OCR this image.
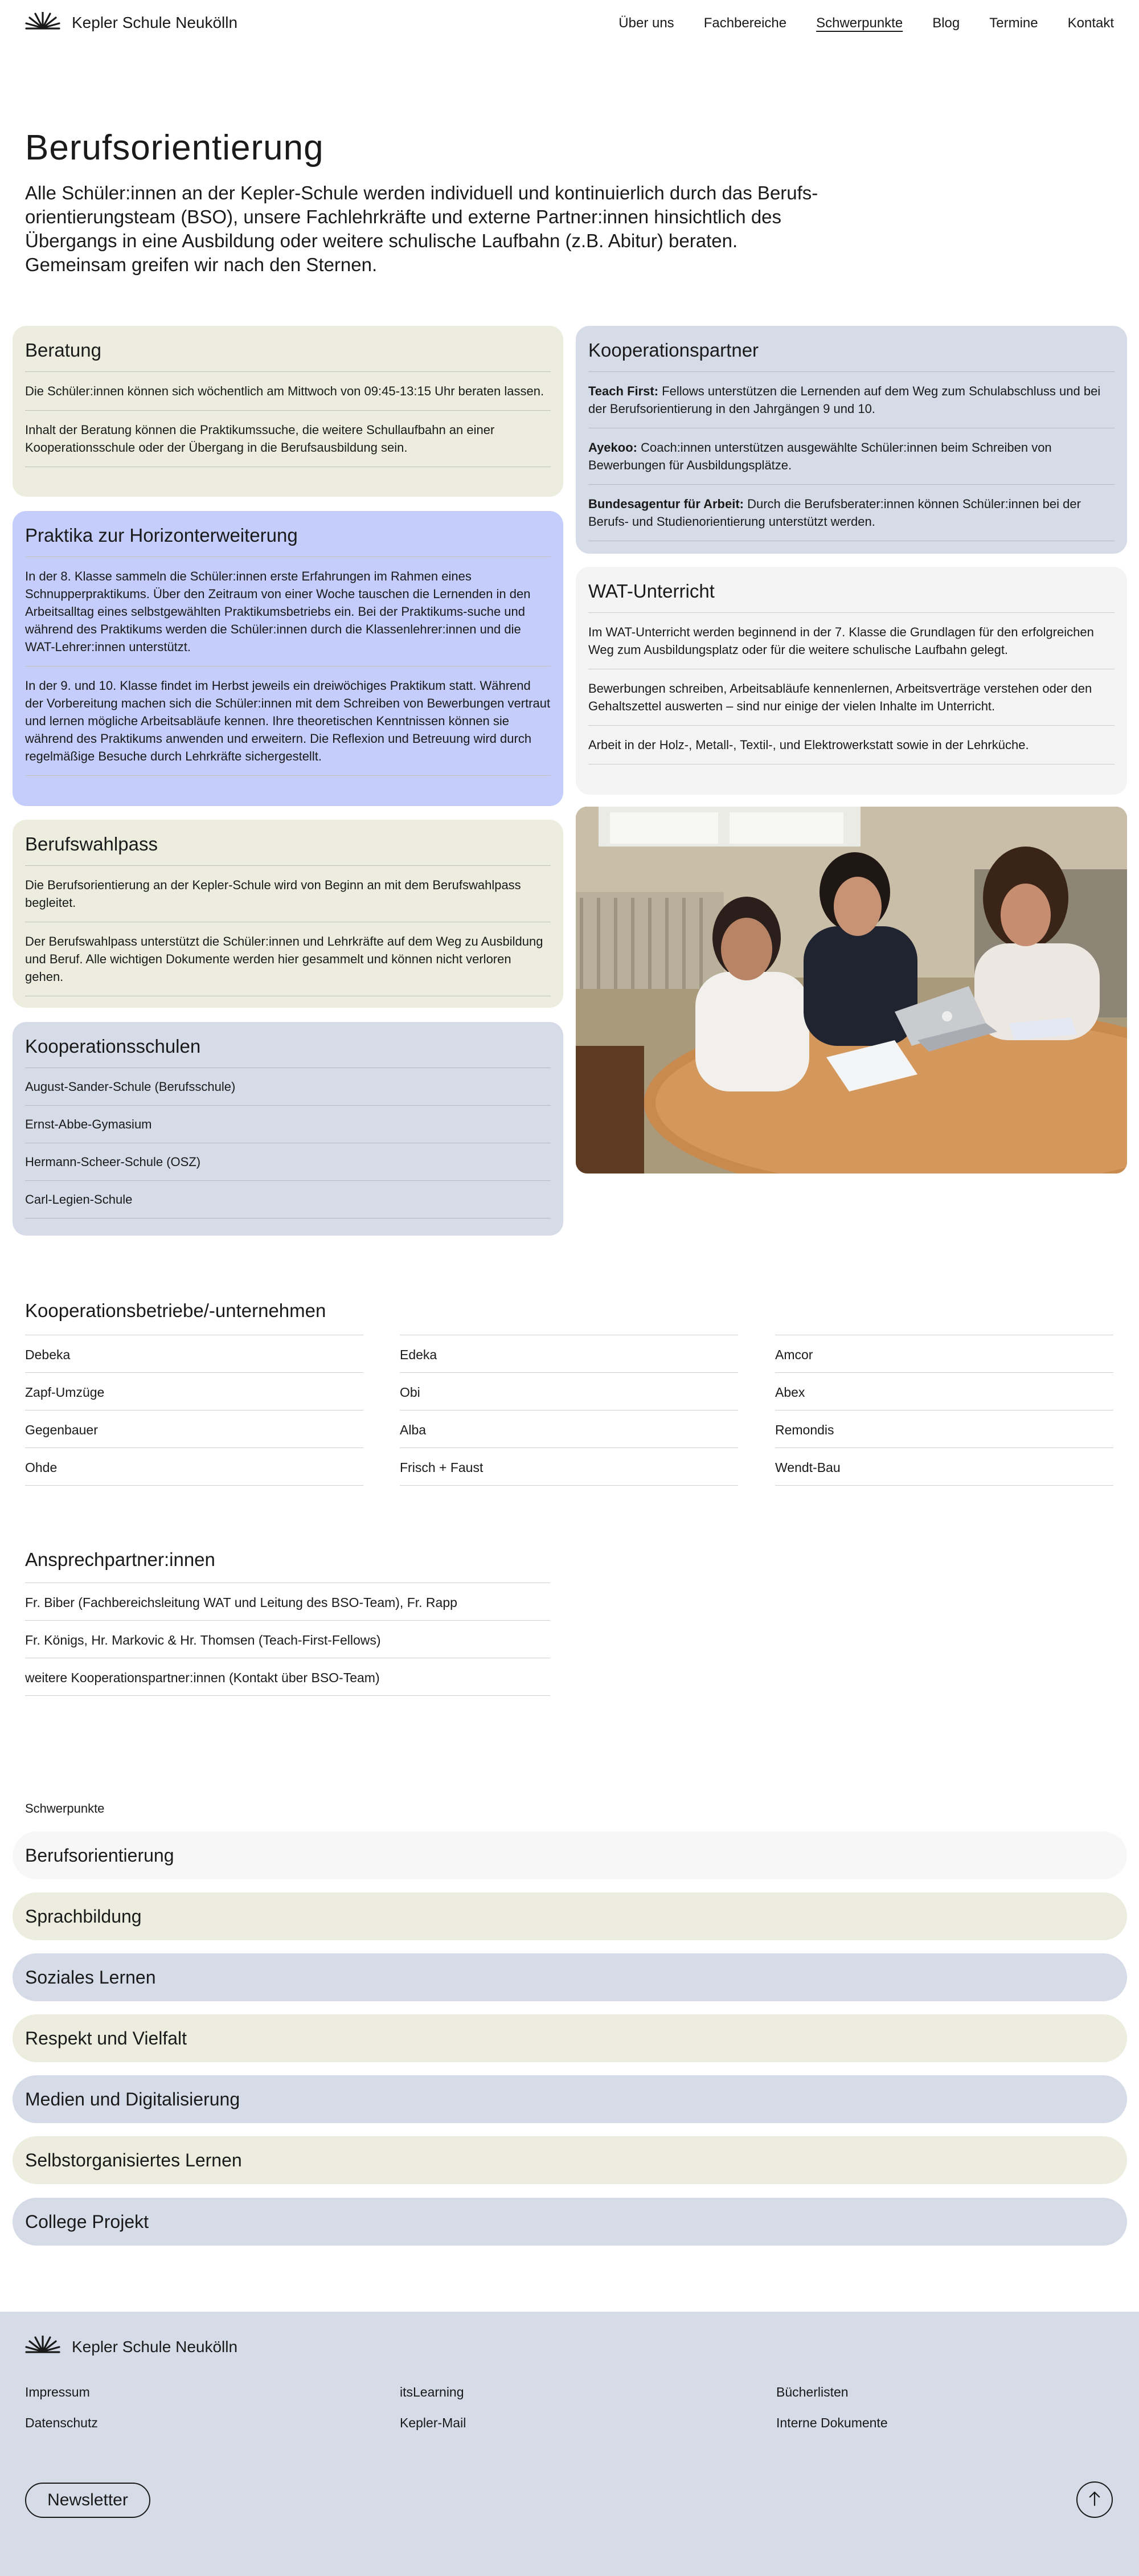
Kepler Schule Neukölln	Über uns Fachbereiche Schwerpunkte Blog Termine Kontakt
Berufsorientierung

Alle Schüler:innen an der Kepler-Schule werden individuell und kontinuierlich durch das Berufs-orientierungsteam (BSO), unsere Fachlehrkräfte und externe Partner:innen hinsichtlich des Übergangs in eine Ausbildung oder weitere schulische Laufbahn (z.B. Abitur) beraten. Gemeinsam greifen wir nach den Sternen.

Beratung
Die Schüler:innen können sich wöchentlich am Mittwoch von 09:45-13:15 Uhr beraten lassen.
Inhalt der Beratung können die Praktikumssuche, die weitere Schullaufbahn an einer Kooperationsschule oder der Übergang in die Berufsausbildung sein.
Praktika zur Horizonterweiterung
In der 8. Klasse sammeln die Schüler:innen erste Erfahrungen im Rahmen eines Schnupperpraktikums. Über den Zeitraum von einer Woche tauschen die Lernenden in den Arbeitsalltag eines selbstgewählten Praktikumsbetriebs ein. Bei der Praktikums-suche und während des Praktikums werden die Schüler:innen durch die Klassenlehrer:innen und die WAT-Lehrer:innen unterstützt.
In der 9. und 10. Klasse findet im Herbst jeweils ein dreiwöchiges Praktikum statt. Während der Vorbereitung machen sich die Schüler:innen mit dem Schreiben von Bewerbungen vertraut und lernen mögliche Arbeitsabläufe kennen. Ihre theoretischen Kenntnissen können sie während des Praktikums anwenden und erweitern. Die Reflexion und Betreuung wird durch regelmäßige Besuche durch Lehrkräfte sichergestellt.
Berufswahlpass
Die Berufsorientierung an der Kepler-Schule wird von Beginn an mit dem Berufswahlpass begleitet.
Der Berufswahlpass unterstützt die Schüler:innen und Lehrkräfte auf dem Weg zu Ausbildung und Beruf. Alle wichtigen Dokumente werden hier gesammelt und können nicht verloren gehen.
Kooperationsschulen
August-Sander-Schule (Berufsschule)
Ernst-Abbe-Gymasium
Hermann-Scheer-Schule (OSZ)
Carl-Legien-Schule
Kooperationspartner
Teach First: Fellows unterstützen die Lernenden auf dem Weg zum Schulabschluss und bei der Berufsorientierung in den Jahrgängen 9 und 10.
Ayekoo: Coach:innen unterstützen ausgewählte Schüler:innen beim Schreiben von Bewerbungen für Ausbildungsplätze.
Bundesagentur für Arbeit: Durch die Berufsberater:innen können Schüler:innen bei der Berufs- und Studienorientierung unterstützt werden.
WAT-Unterricht
Im WAT-Unterricht werden beginnend in der 7. Klasse die Grundlagen für den erfolgreichen Weg zum Ausbildungsplatz oder für die weitere schulische Laufbahn gelegt.
Bewerbungen schreiben, Arbeitsabläufe kennenlernen, Arbeitsverträge verstehen oder den Gehaltszettel auswerten – sind nur einige der vielen Inhalte im Unterricht.
Arbeit in der Holz-, Metall-, Textil-, und Elektrowerkstatt sowie in der Lehrküche.
Kooperationsbetriebe/-unternehmen
Debeka
Zapf-Umzüge
Gegenbauer
Ohde
Edeka
Obi
Alba
Frisch + Faust
Amcor
Abex
Remondis
Wendt-Bau
Ansprechpartner:innen
Fr. Biber (Fachbereichsleitung WAT und Leitung des BSO-Team), Fr. Rapp
Fr. Königs, Hr. Markovic & Hr. Thomsen (Teach-First-Fellows)
weitere Kooperationspartner:innen (Kontakt über BSO-Team)
Schwerpunkte
Berufsorientierung
Sprachbildung
Soziales Lernen
Respekt und Vielfalt
Medien und Digitalisierung
Selbstorganisiertes Lernen
College Projekt
Kepler Schule Neukölln
Impressum
Datenschutz
itsLearning
Kepler-Mail
Bücherlisten
Interne Dokumente
Newsletter
